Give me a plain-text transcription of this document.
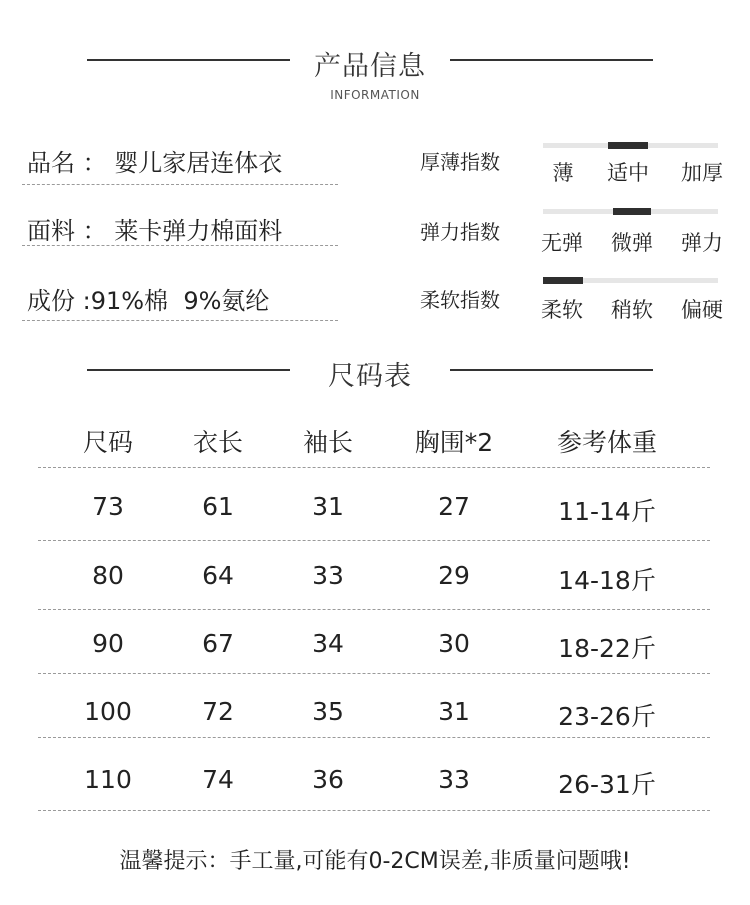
产品信息
INFORMATION
品名 ： 婴儿家居连体衣
面料 ： 莱卡弹力棉面料
成份 :91%棉  9%氨纶
厚薄指数	薄	适中	加厚
弹力指数 无弹 微弹 弹力
柔软指数 柔软 稍软 偏硬
尺码表
尺码	衣长	袖长	胸围*2	参考体重
73	61	31	27	11-14斤
80	64	33	29	14-18斤
90	67	34	30	18-22斤
100	72	35	31	23-26斤
110	74	36	33	26-31斤
温馨提示：手工量,可能有0-2CM误差,非质量问题哦!
